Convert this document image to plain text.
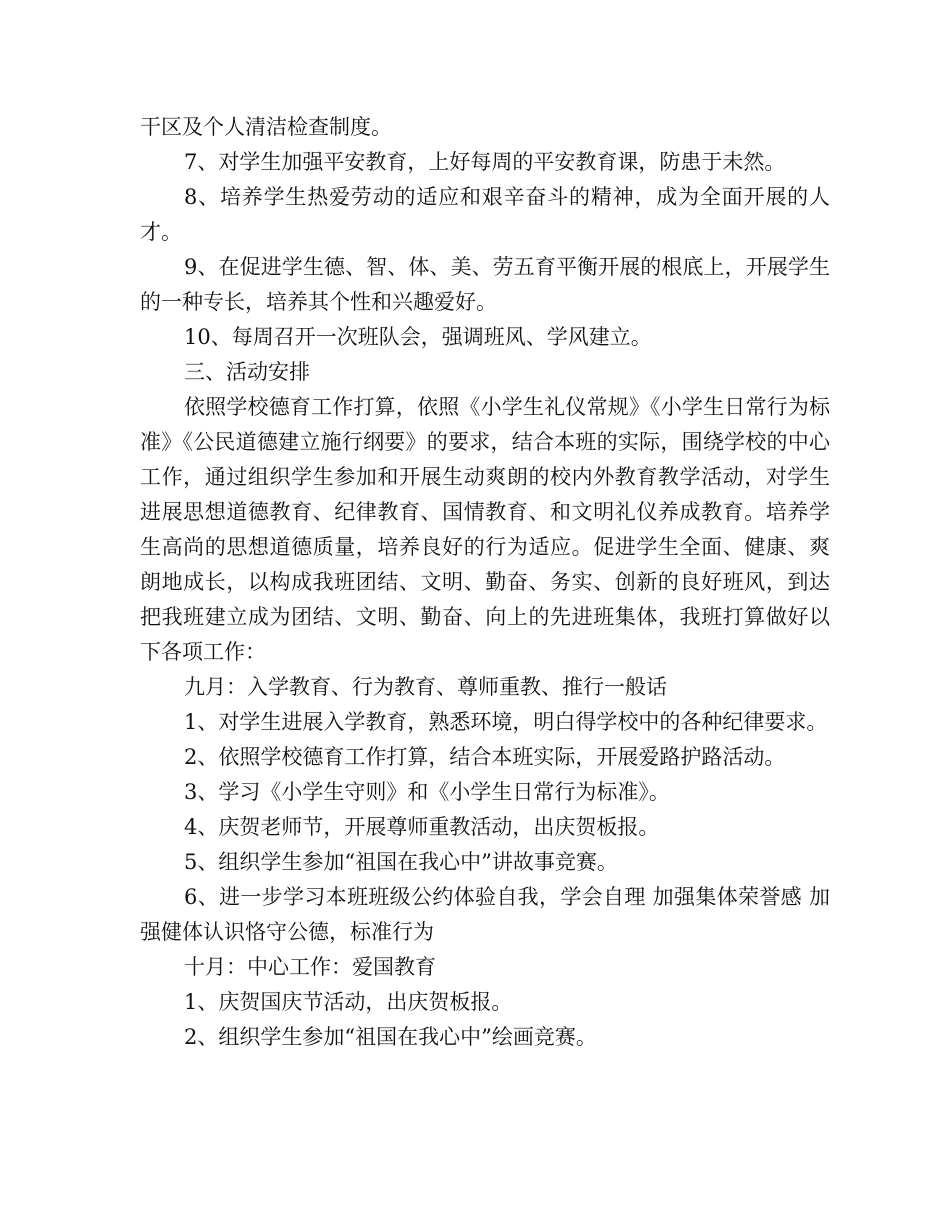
干区及个人清洁检查制度。

7、对学生加强平安教育，上好每周的平安教育课，防患于未然。

8、培养学生热爱劳动的适应和艰辛奋斗的精神，成为全面开展的人才。

9、在促进学生德、智、体、美、劳五育平衡开展的根底上，开展学生的一种专长，培养其个性和兴趣爱好。

10、每周召开一次班队会，强调班风、学风建立。

三、活动安排

依照学校德育工作打算，依照《小学生礼仪常规》《小学生日常行为标准》《公民道德建立施行纲要》的要求，结合本班的实际，围绕学校的中心工作，通过组织学生参加和开展生动爽朗的校内外教育教学活动，对学生进展思想道德教育、纪律教育、国情教育、和文明礼仪养成教育。培养学生高尚的思想道德质量，培养良好的行为适应。促进学生全面、健康、爽朗地成长，以构成我班团结、文明、勤奋、务实、创新的良好班风，到达把我班建立成为团结、文明、勤奋、向上的先进班集体，我班打算做好以下各项工作：

九月：入学教育、行为教育、尊师重教、推行一般话

1、对学生进展入学教育，熟悉环境，明白得学校中的各种纪律要求。

2、依照学校德育工作打算，结合本班实际，开展爱路护路活动。

3、学习《小学生守则》和《小学生日常行为标准》。

4、庆贺老师节，开展尊师重教活动，出庆贺板报。

5、组织学生参加“祖国在我心中”讲故事竞赛。

6、进一步学习本班班级公约体验自我，学会自理 加强集体荣誉感 加强健体认识恪守公德，标准行为

十月：中心工作：爱国教育

1、庆贺国庆节活动，出庆贺板报。

2、组织学生参加“祖国在我心中”绘画竞赛。
